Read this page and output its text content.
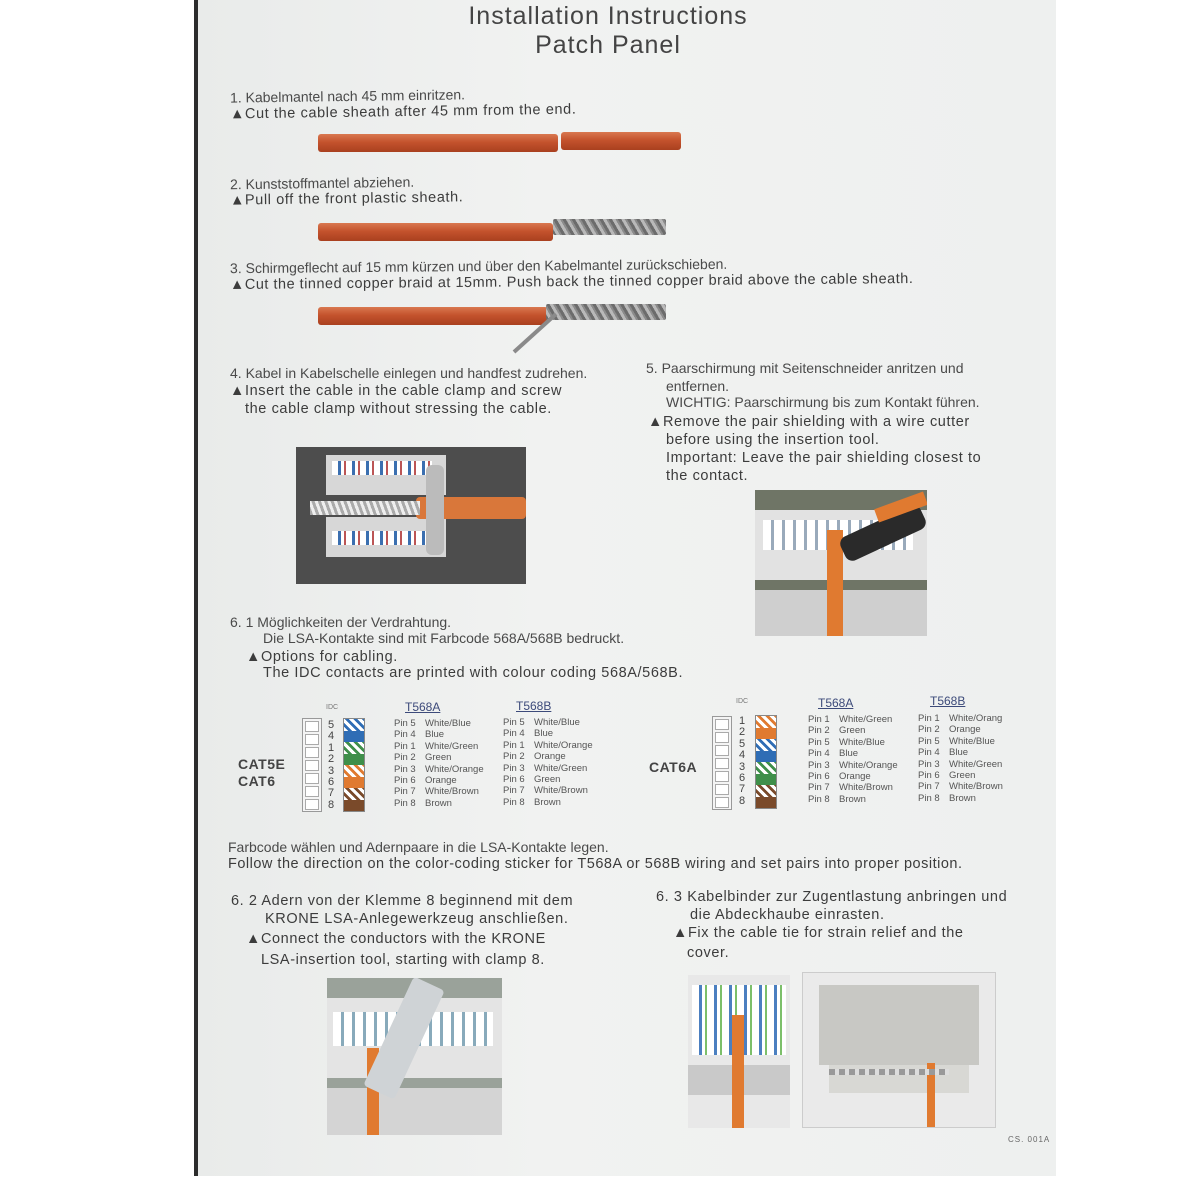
Installation Instructions
Patch Panel
1. Kabelmantel nach 45 mm einritzen.
▲Cut the cable sheath after 45 mm from the end.
2. Kunststoffmantel abziehen.
▲Pull off the front plastic sheath.
3. Schirmgeflecht auf 15 mm kürzen und über den Kabelmantel zurückschieben.
▲Cut the tinned copper braid at 15mm. Push back the tinned copper braid above the cable sheath.
4. Kabel in Kabelschelle einlegen und handfest zudrehen.
▲Insert the cable in the cable clamp and screw
the cable clamp without stressing the cable.
5. Paarschirmung mit Seitenschneider anritzen und
entfernen.
WICHTIG: Paarschirmung bis zum Kontakt führen.
▲Remove the pair shielding with a wire cutter
before using the insertion tool.
Important: Leave the pair shielding closest to
the contact.
6. 1 Möglichkeiten der Verdrahtung.
Die LSA-Kontakte sind mit Farbcode 568A/568B bedruckt.
▲Options for cabling.
The IDC contacts are printed with colour coding 568A/568B.
CAT5E
CAT6
IDC
5
4
1
2
3
6
7
8
T568A	T568B
Pin 5 White/Blue
Pin 4 Blue
Pin 1 White/Green
Pin 2 Green
Pin 3 White/Orange
Pin 6 Orange
Pin 7 White/Brown
Pin 8 Brown
Pin 5 White/Blue
Pin 4 Blue
Pin 1 White/Orange
Pin 2 Orange
Pin 3 White/Green
Pin 6 Green
Pin 7 White/Brown
Pin 8 Brown
CAT6A
IDC
1
2
5
4
3
6
7
8
T568A	T568B
Pin 1 White/Green
Pin 2 Green
Pin 5 White/Blue
Pin 4 Blue
Pin 3 White/Orange
Pin 6 Orange
Pin 7 White/Brown
Pin 8 Brown
Pin 1 White/Orang
Pin 2 Orange
Pin 5 White/Blue
Pin 4 Blue
Pin 3 White/Green
Pin 6 Green
Pin 7 White/Brown
Pin 8 Brown
Farbcode wählen und Adernpaare in die LSA-Kontakte legen.
Follow the direction on the color-coding sticker for T568A or 568B wiring and set pairs into proper position.
6. 2 Adern von der Klemme 8 beginnend mit dem
KRONE LSA-Anlegewerkzeug anschließen.
▲Connect the conductors with the KRONE
LSA-insertion tool, starting with clamp 8.
6. 3 Kabelbinder zur Zugentlastung anbringen und
die Abdeckhaube einrasten.
▲Fix the cable tie for strain relief and the
cover.
CS. 001A
